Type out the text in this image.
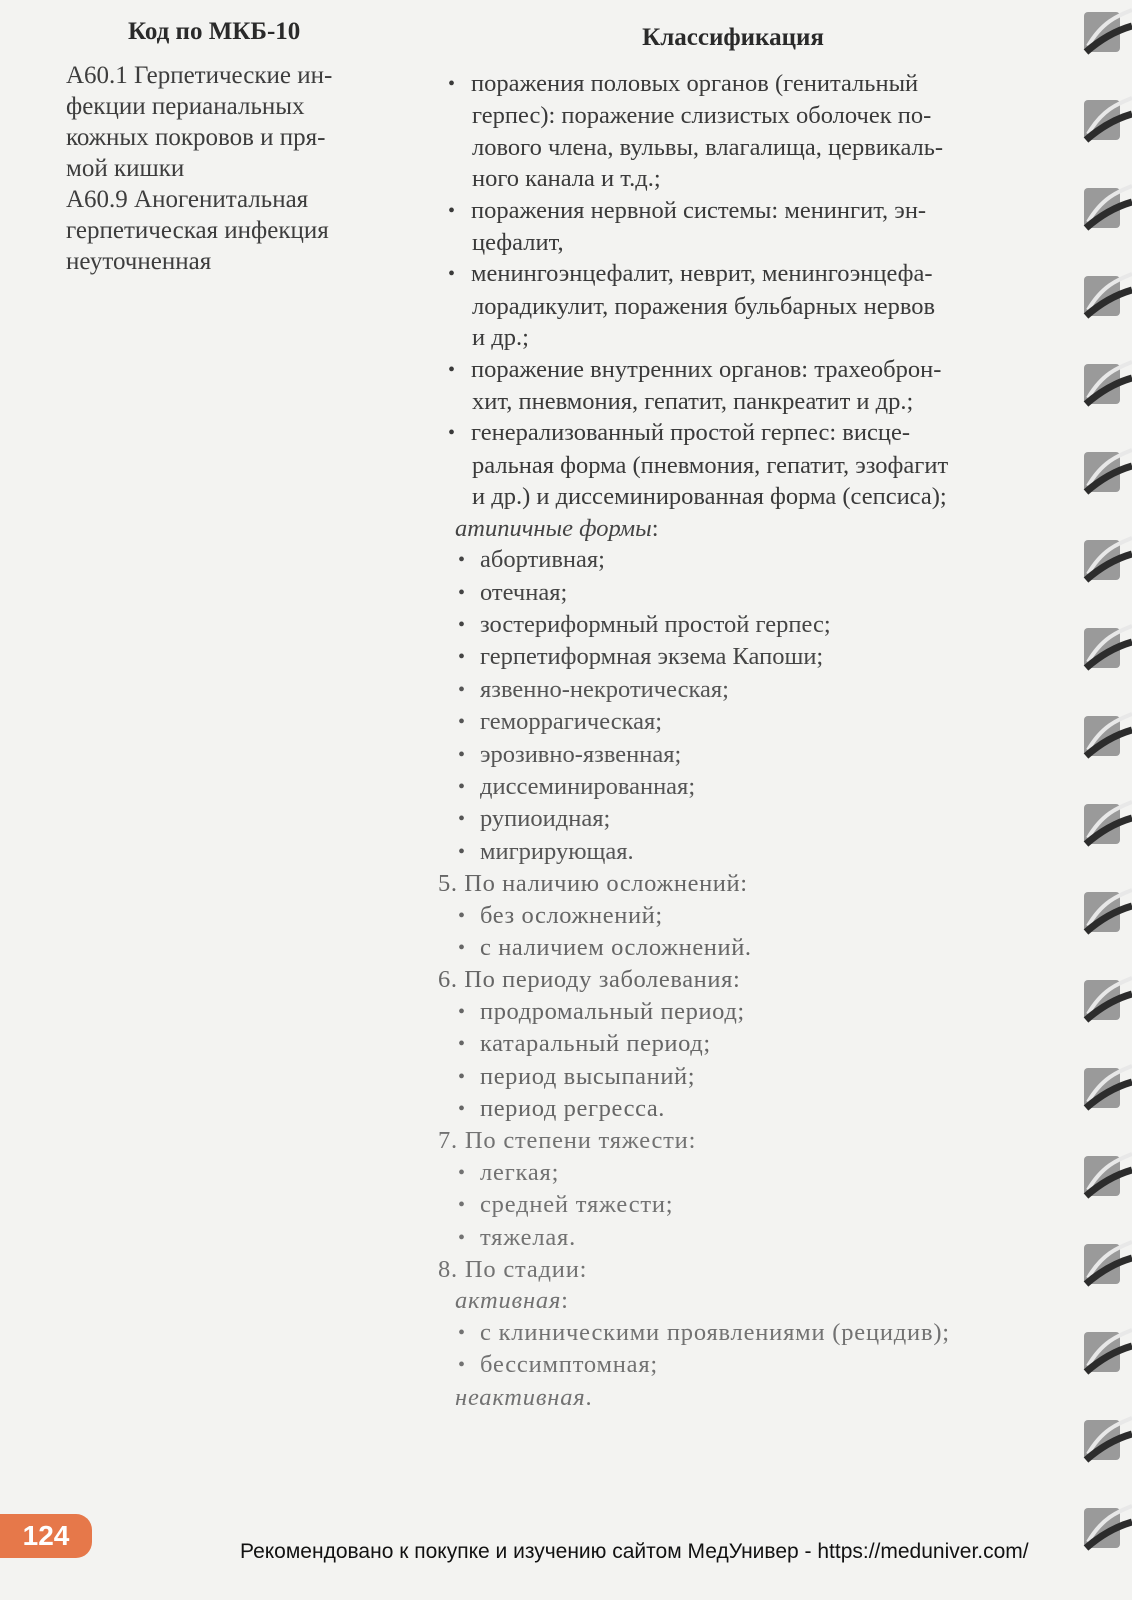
Код по МКБ-10
А60.1 Герпетические ин-
фекции перианальных
кожных покровов и пря-
мой кишки
А60.9 Аногенитальная
герпетическая инфекция
неуточненная
Классификация
• поражения половых органов (генитальный
герпес): поражение слизистых оболочек по-
лового члена, вульвы, влагалища, цервикаль-
ного канала и т.д.;
• поражения нервной системы: менингит, эн-
цефалит,
• менингоэнцефалит, неврит, менингоэнцефа-
лорадикулит, поражения бульбарных нервов
и др.;
• поражение внутренних органов: трахеоброн-
хит, пневмония, гепатит, панкреатит и др.;
• генерализованный простой герпес: висце-
ральная форма (пневмония, гепатит, эзофагит
и др.) и диссеминированная форма (сепсиса);
атипичные формы:
• абортивная;
• отечная;
• зостериформный простой герпес;
• герпетиформная экзема Капоши;
• язвенно-некротическая;
• геморрагическая;
• эрозивно-язвенная;
• диссеминированная;
• рупиоидная;
• мигрирующая.
5. По наличию осложнений:
• без осложнений;
• с наличием осложнений.
6. По периоду заболевания:
• продромальный период;
• катаральный период;
• период высыпаний;
• период регресса.
7. По степени тяжести:
• легкая;
• средней тяжести;
• тяжелая.
8. По стадии:
активная:
• с клиническими проявлениями (рецидив);
• бессимптомная;
неактивная.
124
Рекомендовано к покупке и изучению сайтом МедУнивер - https://meduniver.com/
